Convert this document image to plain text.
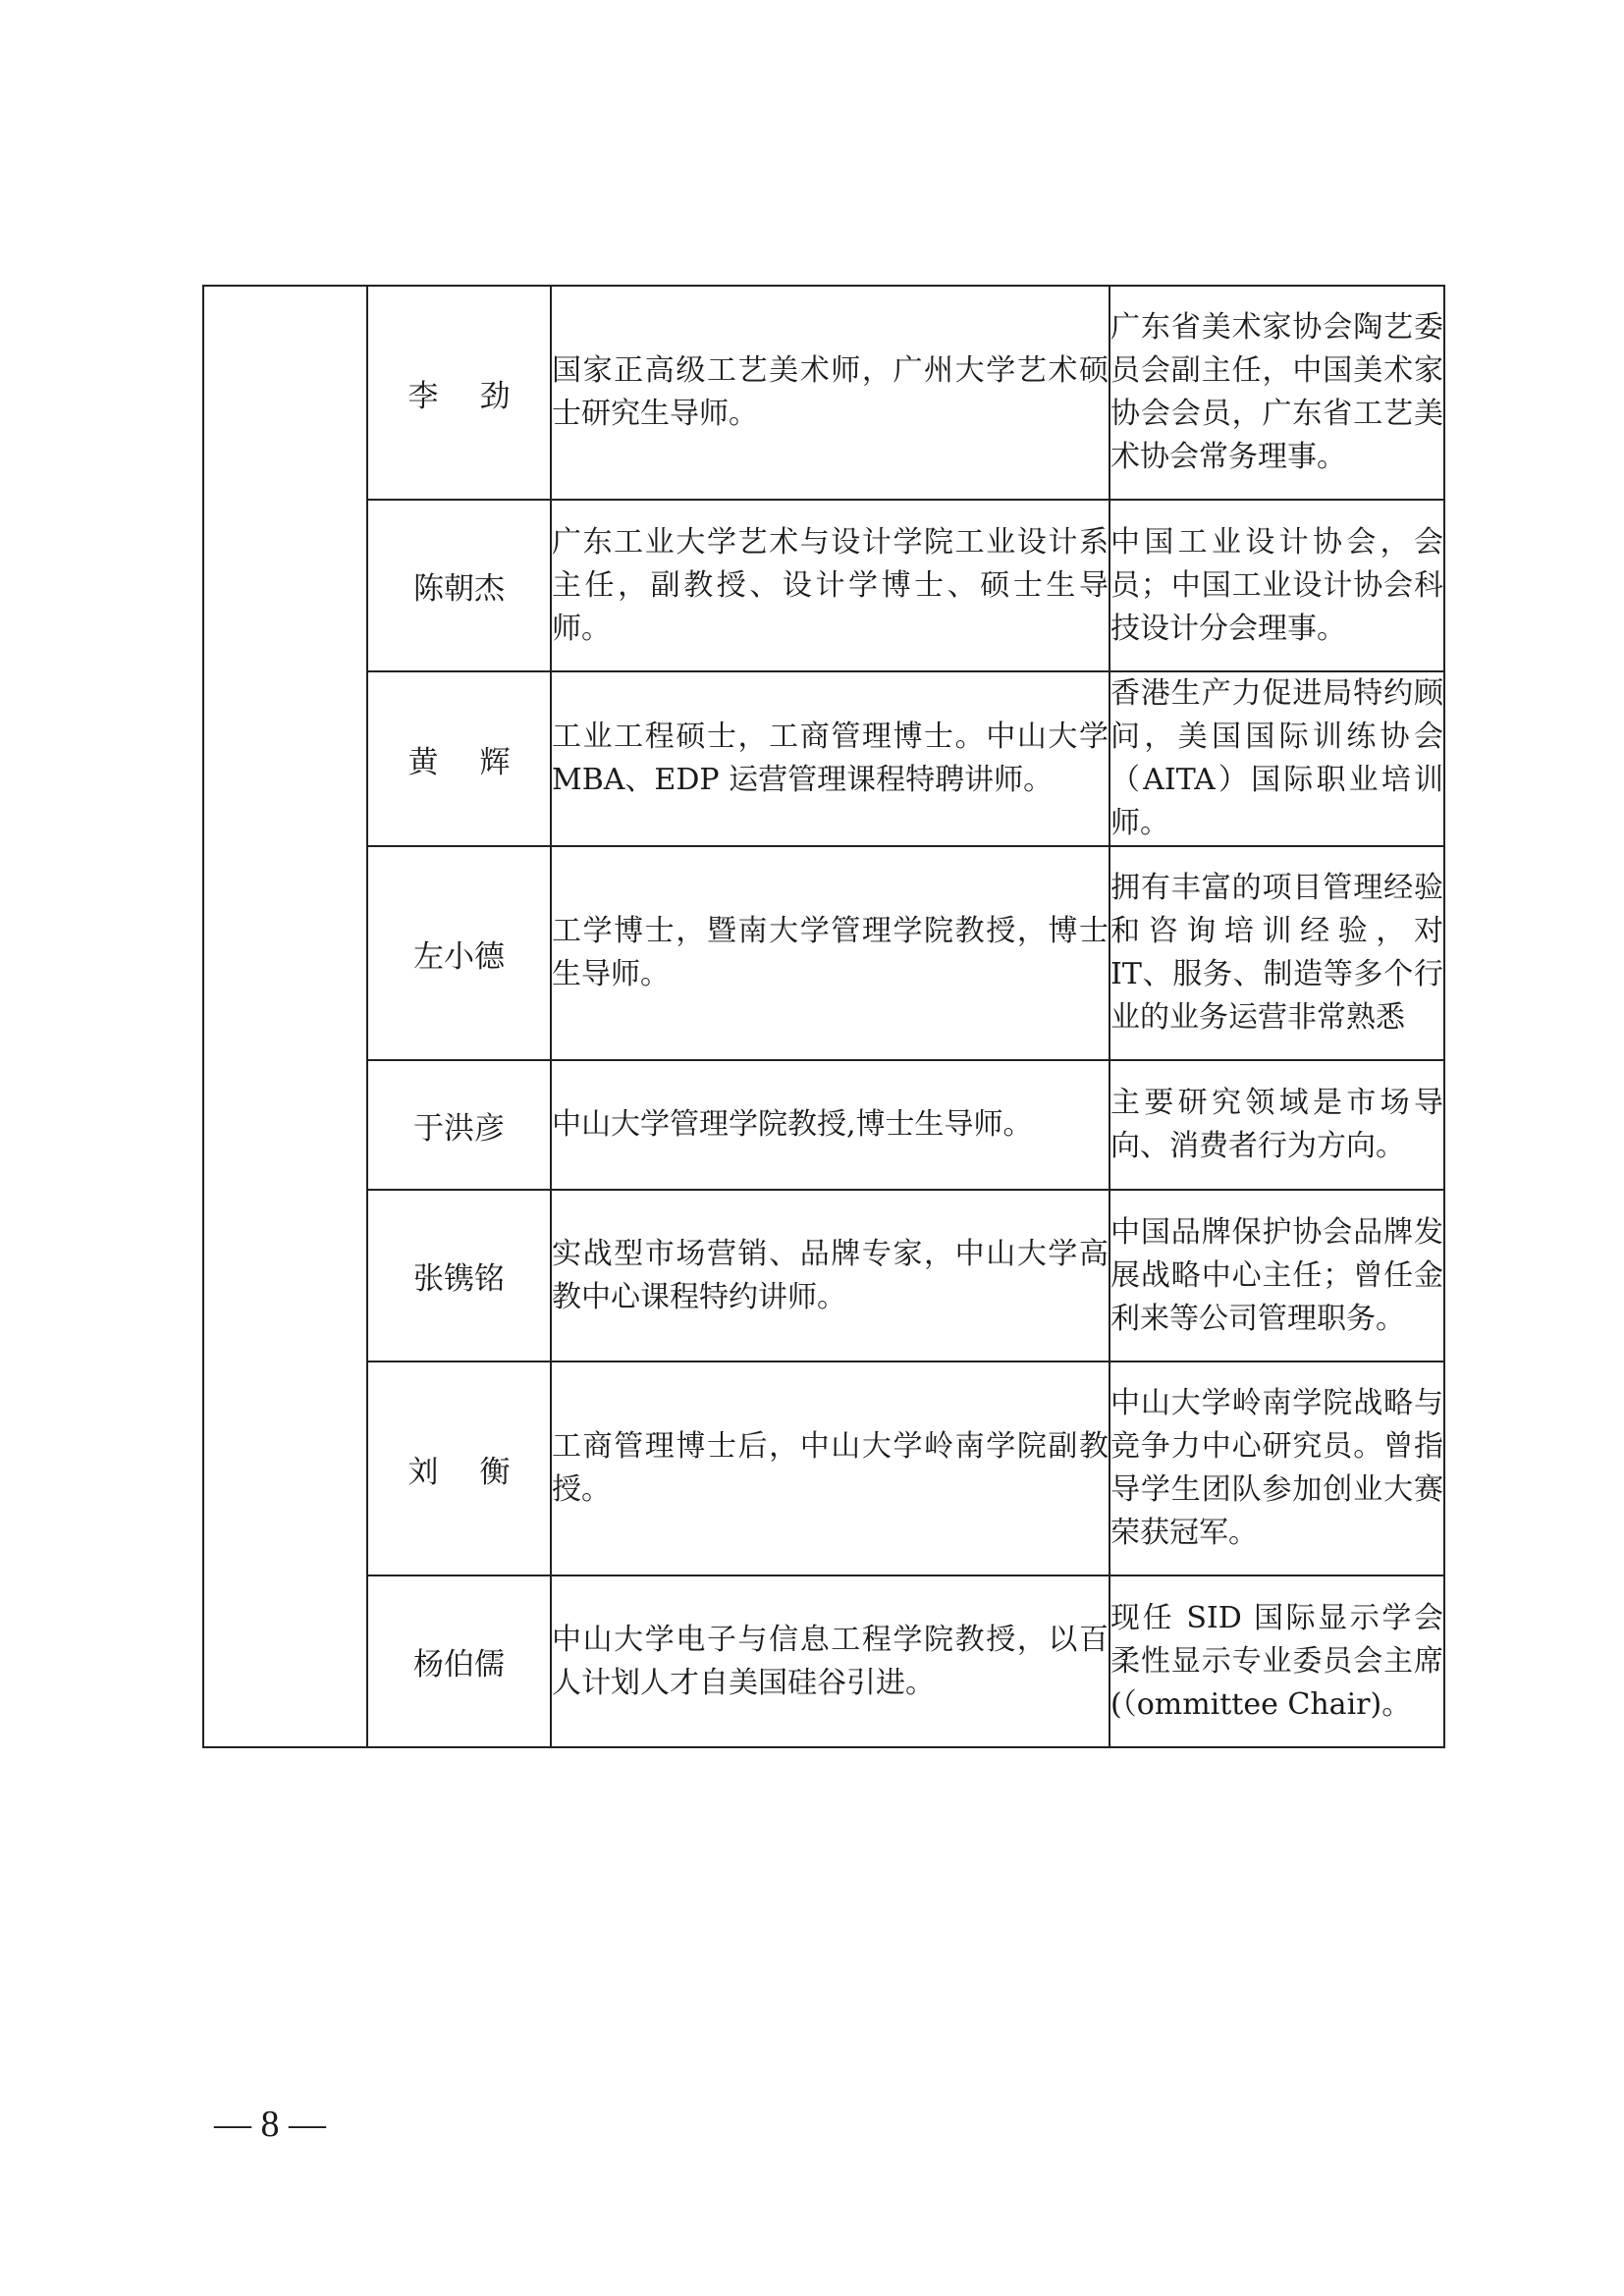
	李劲	国家正高级工艺美术师，广州大学艺术硕士研究生导师。	广东省美术家协会陶艺委员会副主任，中国美术家协会会员，广东省工艺美术协会常务理事。
	陈朝杰	广东工业大学艺术与设计学院工业设计系主任，副教授、设计学博士、硕士生导师。	中国工业设计协会，会员；中国工业设计协会科技设计分会理事。
	黄辉	工业工程硕士，工商管理博士。中山大学 MBA、EDP 运营管理课程特聘讲师。	香港生产力促进局特约顾问，美国国际训练协会（AITA）国际职业培训师。
	左小德	工学博士，暨南大学管理学院教授，博士生导师。	拥有丰富的项目管理经验和咨询培训经验，对 IT、服务、制造等多个行业的业务运营非常熟悉
	于洪彦	中山大学管理学院教授,博士生导师。	主要研究领域是市场导向、消费者行为方向。
	张镌铭	实战型市场营销、品牌专家，中山大学高教中心课程特约讲师。	中国品牌保护协会品牌发展战略中心主任；曾任金利来等公司管理职务。
	刘衡	工商管理博士后，中山大学岭南学院副教授。	中山大学岭南学院战略与竞争力中心研究员。曾指导学生团队参加创业大赛荣获冠军。
	杨伯儒	中山大学电子与信息工程学院教授，以百人计划人才自美国硅谷引进。	现任 SID 国际显示学会柔性显示专业委员会主席(（ommittee Chair)。
— 8 —
